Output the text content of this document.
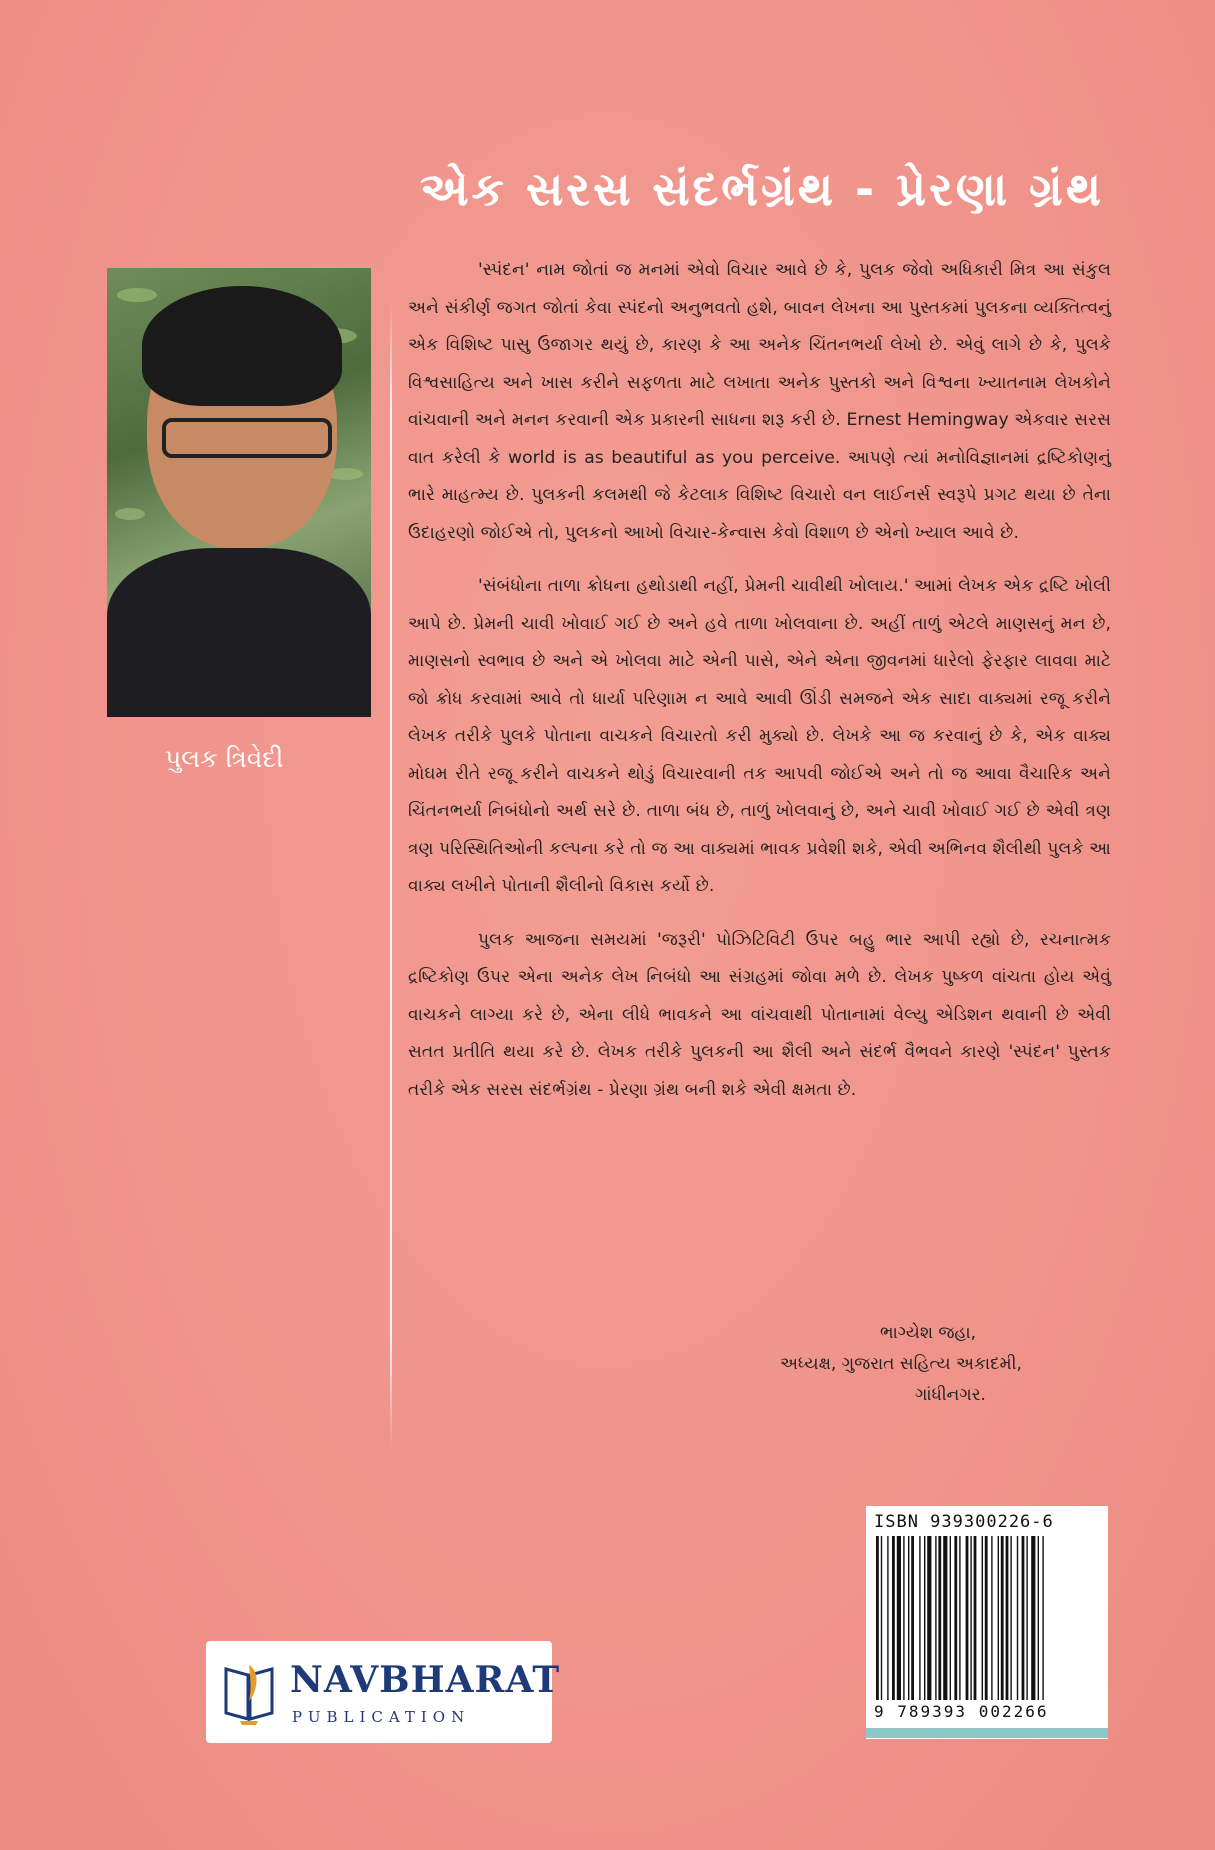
એક સરસ સંદર્ભગ્રંથ - પ્રેરણા ગ્રંથ
પુલક ત્રિવેદી

'સ્પંદન' નામ જોતાં જ મનમાં એવો વિચાર આવે છે કે, પુલક જેવો અધિકારી મિત્ર આ સંકુલ અને સંકીર્ણ જગત જોતાં કેવા સ્પંદનો અનુભવતો હશે, બાવન લેખના આ પુસ્તકમાં પુલકના વ્યક્તિત્વનું એક વિશિષ્ટ પાસુ ઉજાગર થયું છે, કારણ કે આ અનેક ચિંતનભર્યા લેખો છે. એવું લાગે છે કે, પુલકે વિશ્વસાહિત્ય અને ખાસ કરીને સફળતા માટે લખાતા અનેક પુસ્તકો અને વિશ્વના ખ્યાતનામ લેખકોને વાંચવાની અને મનન કરવાની એક પ્રકારની સાધના શરૂ કરી છે. Ernest Hemingway એકવાર સરસ વાત કરેલી કે world is as beautiful as you perceive. આપણે ત્યાં મનોવિજ્ઞાનમાં દ્રષ્ટિકોણનું ભારે માહત્મ્ય છે. પુલકની કલમથી જે કેટલાક વિશિષ્ટ વિચારો વન લાઈનર્સ સ્વરૂપે પ્રગટ થયા છે તેના ઉદાહરણો જોઈએ તો, પુલકનો આખો વિચાર-કેન્વાસ કેવો વિશાળ છે એનો ખ્યાલ આવે છે.

'સંબંધોના તાળા ક્રોધના હથોડાથી નહીં, પ્રેમની ચાવીથી ખોલાય.' આમાં લેખક એક દ્રષ્ટિ ખોલી આપે છે. પ્રેમની ચાવી ખોવાઈ ગઈ છે અને હવે તાળા ખોલવાના છે. અહીં તાળું એટલે માણસનું મન છે, માણસનો સ્વભાવ છે અને એ ખોલવા માટે એની પાસે, એને એના જીવનમાં ધારેલો ફેરફાર લાવવા માટે જો ક્રોધ કરવામાં આવે તો ધાર્યા પરિણામ ન આવે આવી ઊંડી સમજને એક સાદા વાક્યમાં રજૂ કરીને લેખક તરીકે પુલકે પોતાના વાચકને વિચારતો કરી મુક્યો છે. લેખકે આ જ કરવાનું છે કે, એક વાક્ય મોઘમ રીતે રજૂ કરીને વાચકને થોડું વિચારવાની તક આપવી જોઈએ અને તો જ આવા વૈચારિક અને ચિંતનભર્યા નિબંધોનો અર્થ સરે છે. તાળા બંધ છે, તાળું ખોલવાનું છે, અને ચાવી ખોવાઈ ગઈ છે એવી ત્રણ ત્રણ પરિસ્થિતિઓની કલ્પના કરે તો જ આ વાક્યમાં ભાવક પ્રવેશી શકે, એવી અભિનવ શૈલીથી પુલકે આ વાક્ય લખીને પોતાની શૈલીનો વિકાસ કર્યો છે.

પુલક આજના સમયમાં 'જરૂરી' પોઝિટિવિટી ઉપર બહુ ભાર આપી રહ્યો છે, રચનાત્મક દ્રષ્ટિકોણ ઉપર એના અનેક લેખ નિબંધો આ સંગ્રહમાં જોવા મળે છે. લેખક પુષ્કળ વાંચતા હોય એવું વાચકને લાગ્યા કરે છે, એના લીધે ભાવકને આ વાંચવાથી પોતાનામાં વેલ્યુ એડિશન થવાની છે એવી સતત પ્રતીતિ થયા કરે છે. લેખક તરીકે પુલકની આ શૈલી અને સંદર્ભ વૈભવને કારણે 'સ્પંદન' પુસ્તક તરીકે એક સરસ સંદર્ભગ્રંથ - પ્રેરણા ગ્રંથ બની શકે એવી ક્ષમતા છે.

ભાગ્યેશ જહા,
અધ્યક્ષ, ગુજરાત સહિત્ય અકાદમી,
ગાંધીનગર.
NAVBHARAT
PUBLICATION
ISBN 939300226-6
9 789393 002266
